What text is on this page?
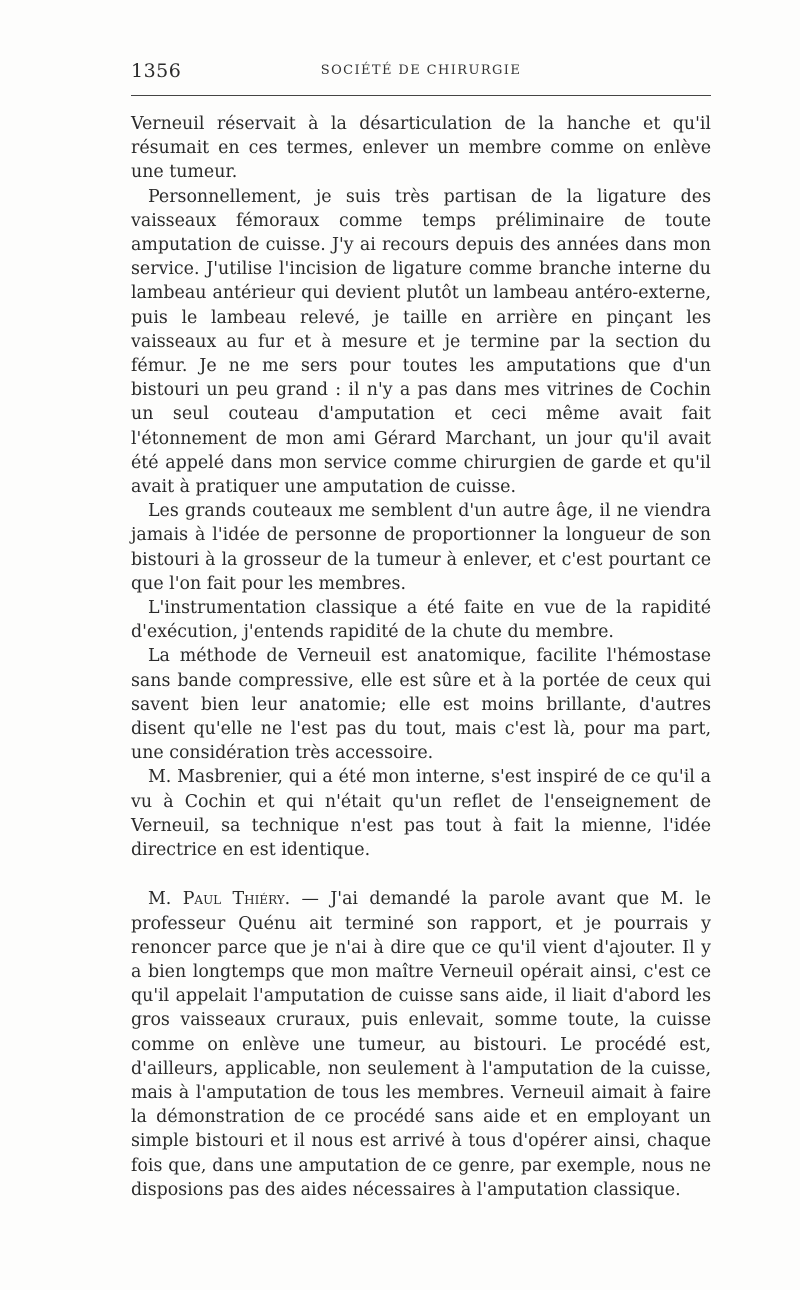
1356	SOCIÉTÉ DE CHIRURGIE

Verneuil réservait à la désarticulation de la hanche et qu'il résumait en ces termes, enlever un membre comme on enlève une tumeur.

Personnellement, je suis très partisan de la ligature des vaisseaux fémoraux comme temps préliminaire de toute amputation de cuisse. J'y ai recours depuis des années dans mon service. J'utilise l'incision de ligature comme branche interne du lambeau antérieur qui devient plutôt un lambeau antéro-externe, puis le lambeau relevé, je taille en arrière en pinçant les vaisseaux au fur et à mesure et je termine par la section du fémur. Je ne me sers pour toutes les amputations que d'un bistouri un peu grand : il n'y a pas dans mes vitrines de Cochin un seul couteau d'amputation et ceci même avait fait l'étonnement de mon ami Gérard Marchant, un jour qu'il avait été appelé dans mon service comme chirurgien de garde et qu'il avait à pratiquer une amputation de cuisse.

Les grands couteaux me semblent d'un autre âge, il ne viendra jamais à l'idée de personne de proportionner la longueur de son bistouri à la grosseur de la tumeur à enlever, et c'est pourtant ce que l'on fait pour les membres.

L'instrumentation classique a été faite en vue de la rapidité d'exécution, j'entends rapidité de la chute du membre.

La méthode de Verneuil est anatomique, facilite l'hémostase sans bande compressive, elle est sûre et à la portée de ceux qui savent bien leur anatomie; elle est moins brillante, d'autres disent qu'elle ne l'est pas du tout, mais c'est là, pour ma part, une considération très accessoire.

M. Masbrenier, qui a été mon interne, s'est inspiré de ce qu'il a vu à Cochin et qui n'était qu'un reflet de l'enseignement de Verneuil, sa technique n'est pas tout à fait la mienne, l'idée directrice en est identique.

M. Paul Thiéry. — J'ai demandé la parole avant que M. le professeur Quénu ait terminé son rapport, et je pourrais y renoncer parce que je n'ai à dire que ce qu'il vient d'ajouter. Il y a bien longtemps que mon maître Verneuil opérait ainsi, c'est ce qu'il appelait l'amputation de cuisse sans aide, il liait d'abord les gros vaisseaux cruraux, puis enlevait, somme toute, la cuisse comme on enlève une tumeur, au bistouri. Le procédé est, d'ailleurs, applicable, non seulement à l'amputation de la cuisse, mais à l'amputation de tous les membres. Verneuil aimait à faire la démonstration de ce procédé sans aide et en employant un simple bistouri et il nous est arrivé à tous d'opérer ainsi, chaque fois que, dans une amputation de ce genre, par exemple, nous ne disposions pas des aides nécessaires à l'amputation classique.
